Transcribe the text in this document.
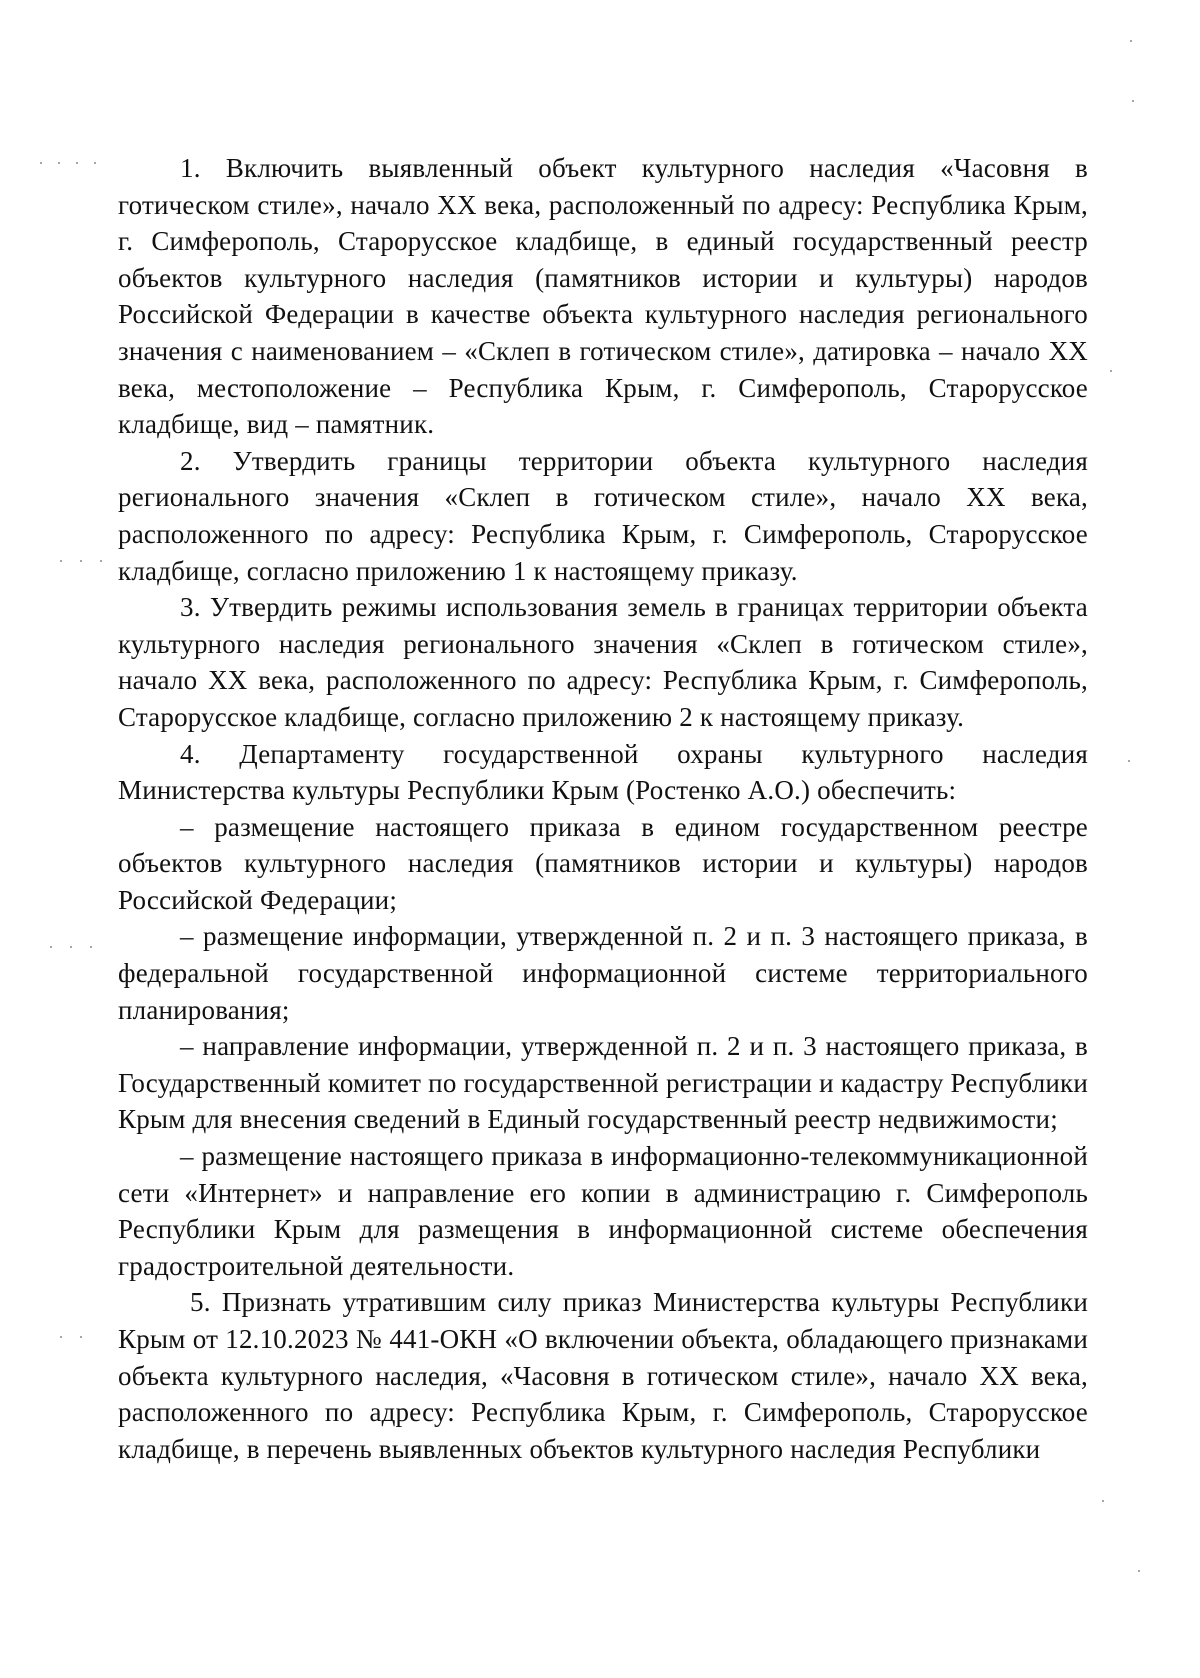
1. Включить выявленный объект культурного наследия «Часовня в готическом стиле», начало XX века, расположенный по адресу: Республика Крым, г. Симферополь, Старорусское кладбище, в единый государственный реестр объектов культурного наследия (памятников истории и культуры) народов Российской Федерации в качестве объекта культурного наследия регионального значения с наименованием – «Склеп в готическом стиле», датировка – начало XX века, местоположение – Республика Крым, г. Симферополь, Старорусское кладбище, вид – памятник.

2. Утвердить границы территории объекта культурного наследия регионального значения «Склеп в готическом стиле», начало XX века, расположенного по адресу: Республика Крым, г. Симферополь, Старорусское кладбище, согласно приложению 1 к настоящему приказу.

3. Утвердить режимы использования земель в границах территории объекта культурного наследия регионального значения «Склеп в готическом стиле», начало XX века, расположенного по адресу: Республика Крым, г. Симферополь, Старорусское кладбище, согласно приложению 2 к настоящему приказу.

4. Департаменту государственной охраны культурного наследия Министерства культуры Республики Крым (Ростенко А.О.) обеспечить:

– размещение настоящего приказа в едином государственном реестре объектов культурного наследия (памятников истории и культуры) народов Российской Федерации;

– размещение информации, утвержденной п. 2 и п. 3 настоящего приказа, в федеральной государственной информационной системе территориального планирования;

– направление информации, утвержденной п. 2 и п. 3 настоящего приказа, в Государственный комитет по государственной регистрации и кадастру Республики Крым для внесения сведений в Единый государственный реестр недвижимости;

– размещение настоящего приказа в информационно-телекоммуникационной сети «Интернет» и направление его копии в администрацию г. Симферополь Республики Крым для размещения в информационной системе обеспечения градостроительной деятельности.

5. Признать утратившим силу приказ Министерства культуры Республики Крым от 12.10.2023 № 441-ОКН «О включении объекта, обладающего признаками объекта культурного наследия, «Часовня в готическом стиле», начало XX века, расположенного по адресу: Республика Крым, г. Симферополь, Старорусское кладбище, в перечень выявленных объектов культурного наследия Республики
